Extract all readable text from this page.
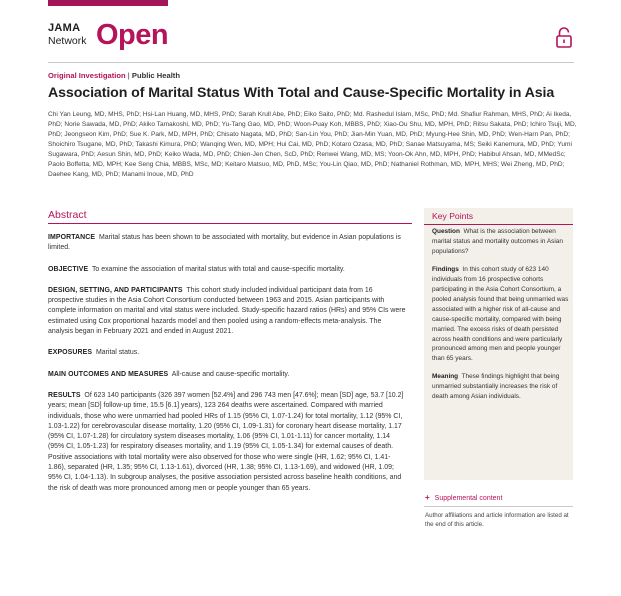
JAMA
Network Open
Original Investigation | Public Health
Association of Marital Status With Total and Cause-Specific Mortality in Asia
Chi Yan Leung, MD, MHS, PhD; Hsi-Lan Huang, MD, MHS, PhD; Sarah Krull Abe, PhD; Eiko Saito, PhD; Md. Rashedul Islam, MSc, PhD; Md. Shafiur Rahman, MHS, PhD; Ai Ikeda, PhD; Norie Sawada, MD, PhD; Akiko Tamakoshi, MD, PhD; Yu-Tang Gao, MD, PhD; Woon-Puay Koh, MBBS, PhD; Xiao-Ou Shu, MD, MPH, PhD; Ritsu Sakata, PhD; Ichiro Tsuji, MD, PhD; Jeongseon Kim, PhD; Sue K. Park, MD, MPH, PhD; Chisato Nagata, MD, PhD; San-Lin You, PhD; Jian-Min Yuan, MD, PhD; Myung-Hee Shin, MD, PhD; Wen-Harn Pan, PhD; Shoichiro Tsugane, MD, PhD; Takashi Kimura, PhD; Wanqing Wen, MD, MPH; Hui Cai, MD, PhD; Kotaro Ozasa, MD, PhD; Sanae Matsuyama, MS; Seiki Kanemura, MD, PhD; Yumi Sugawara, PhD; Aesun Shin, MD, PhD; Keiko Wada, MD, PhD; Chien-Jen Chen, ScD, PhD; Renwei Wang, MD, MS; Yoon-Ok Ahn, MD, MPH, PhD; Habibul Ahsan, MD, MMedSc; Paolo Boffetta, MD, MPH; Kee Seng Chia, MBBS, MSc, MD; Keitaro Matsuo, MD, PhD, MSc; You-Lin Qiao, MD, PhD; Nathaniel Rothman, MD, MPH, MHS; Wei Zheng, MD, PhD; Daehee Kang, MD, PhD; Manami Inoue, MD, PhD
Abstract

IMPORTANCE Marital status has been shown to be associated with mortality, but evidence in Asian populations is limited.

OBJECTIVE To examine the association of marital status with total and cause-specific mortality.

DESIGN, SETTING, AND PARTICIPANTS This cohort study included individual participant data from 16 prospective studies in the Asia Cohort Consortium conducted between 1963 and 2015. Asian participants with complete information on marital and vital status were included. Study-specific hazard ratios (HRs) and 95% CIs were estimated using Cox proportional hazards model and then pooled using a random-effects meta-analysis. The analysis began in February 2021 and ended in August 2021.

EXPOSURES Marital status.

MAIN OUTCOMES AND MEASURES All-cause and cause-specific mortality.

RESULTS Of 623 140 participants (326 397 women [52.4%] and 296 743 men [47.6%]; mean [SD] age, 53.7 [10.2] years; mean [SD] follow-up time, 15.5 [6.1] years), 123 264 deaths were ascertained. Compared with married individuals, those who were unmarried had pooled HRs of 1.15 (95% CI, 1.07-1.24) for total mortality, 1.12 (95% CI, 1.03-1.22) for cerebrovascular disease mortality, 1.20 (95% CI, 1.09-1.31) for coronary heart disease mortality, 1.17 (95% CI, 1.07-1.28) for circulatory system diseases mortality, 1.06 (95% CI, 1.01-1.11) for cancer mortality, 1.14 (95% CI, 1.05-1.23) for respiratory diseases mortality, and 1.19 (95% CI, 1.05-1.34) for external causes of death. Positive associations with total mortality were also observed for those who were single (HR, 1.62; 95% CI, 1.41-1.86), separated (HR, 1.35; 95% CI, 1.13-1.61), divorced (HR, 1.38; 95% CI, 1.13-1.69), and widowed (HR, 1.09; 95% CI, 1.04-1.13). In subgroup analyses, the positive association persisted across baseline health conditions, and the risk of death was more pronounced among men or people younger than 65 years.

Key Points

Question What is the association between marital status and mortality outcomes in Asian populations?

Findings In this cohort study of 623 140 individuals from 16 prospective cohorts participating in the Asia Cohort Consortium, a pooled analysis found that being unmarried was associated with a higher risk of all-cause and cause-specific mortality, compared with being married. The excess risks of death persisted across health conditions and were particularly pronounced among men and people younger than 65 years.

Meaning These findings highlight that being unmarried substantially increases the risk of death among Asian individuals.

+ Supplemental content
Author affiliations and article information are listed at the end of this article.
